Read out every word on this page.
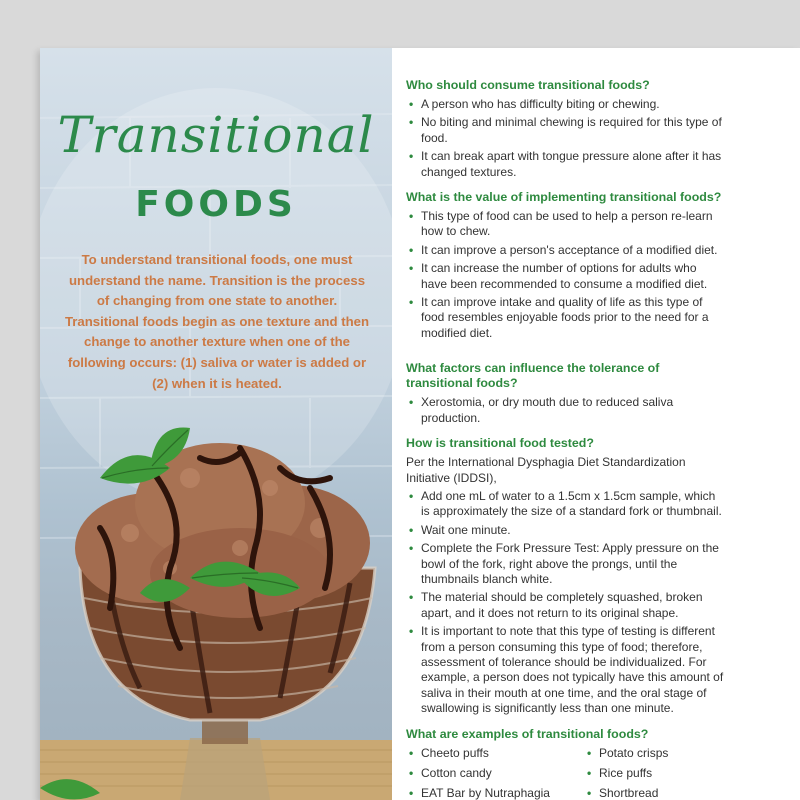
Transitional
FOODS

To understand transitional foods, one must understand the name. Transition is the process of changing from one state to another. Transitional foods begin as one texture and then change to another texture when one of the following occurs: (1) saliva or water is added or (2) when it is heated.

Who should consume transitional foods?
• A person who has difficulty biting or chewing.
• No biting and minimal chewing is required for this type of food.
• It can break apart with tongue pressure alone after it has changed textures.
What is the value of implementing transitional foods?
• This type of food can be used to help a person re-learn how to chew.
• It can improve a person's acceptance of a modified diet.
• It can increase the number of options for adults who have been recommended to consume a modified diet.
• It can improve intake and quality of life as this type of food resembles enjoyable foods prior to the need for a modified diet.
What factors can influence the tolerance of transitional foods?
• Xerostomia, or dry mouth due to reduced saliva production.
How is transitional food tested?

Per the International Dysphagia Diet Standardization Initiative (IDDSI),

• Add one mL of water to a 1.5cm x 1.5cm sample, which is approximately the size of a standard fork or thumbnail.
• Wait one minute.
• Complete the Fork Pressure Test: Apply pressure on the bowl of the fork, right above the prongs, until the thumbnails blanch white.
• The material should be completely squashed, broken apart, and it does not return to its original shape.
• It is important to note that this type of testing is different from a person consuming this type of food; therefore, assessment of tolerance should be individualized. For example, a person does not typically have this amount of saliva in their mouth at one time, and the oral stage of swallowing is significantly less than one minute.
What are examples of transitional foods?
• Cheeto puffs
• Cotton candy
• EAT Bar by Nutraphagia
• Potato crisps
• Rice puffs
• Shortbread
